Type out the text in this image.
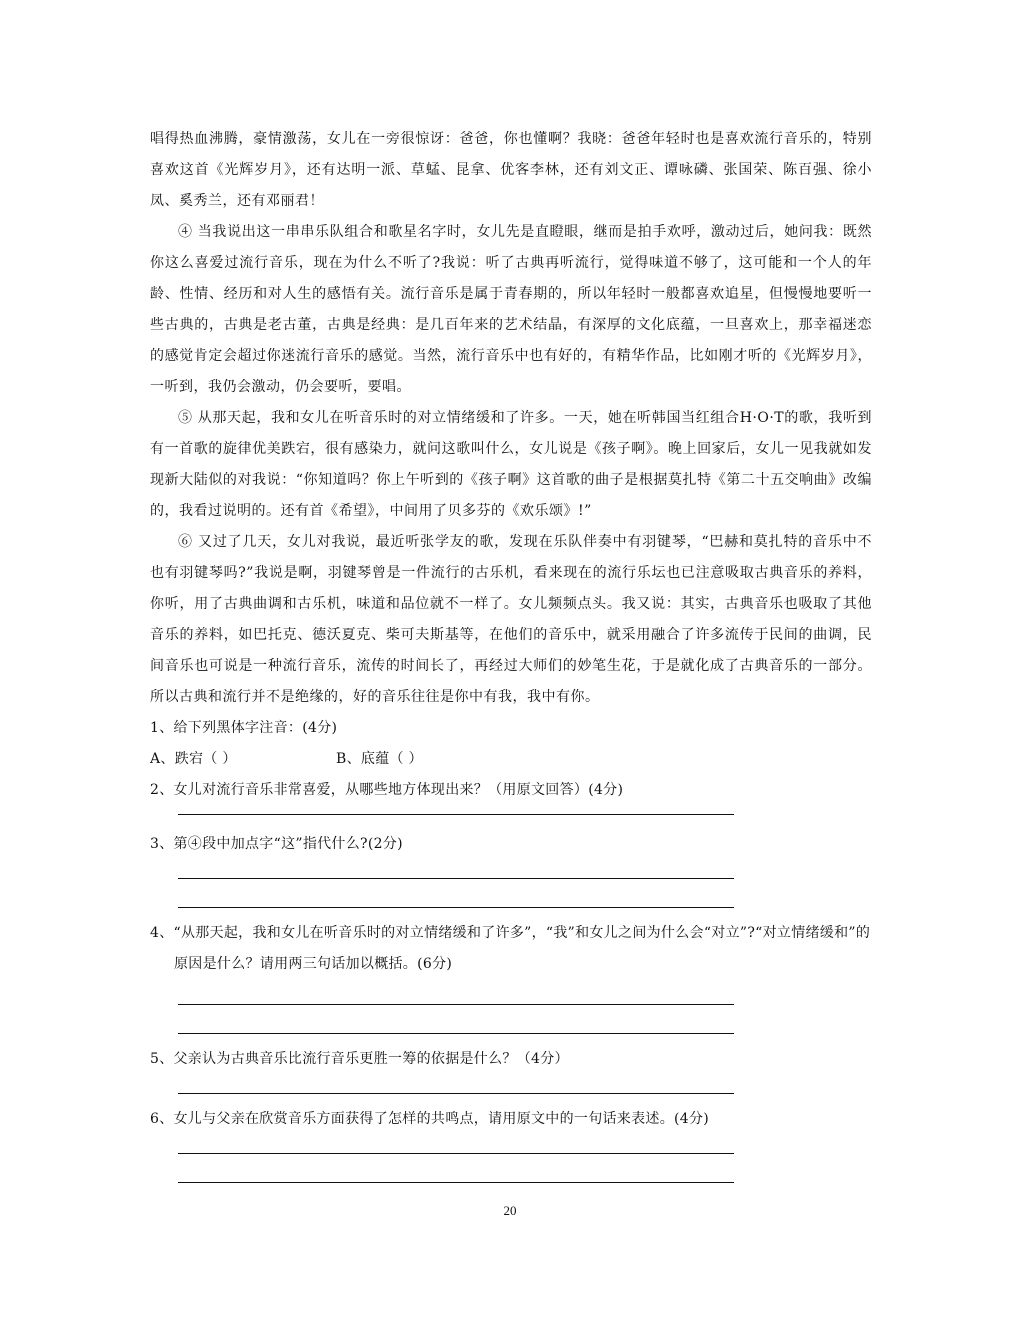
唱得热血沸腾，豪情激荡，女儿在一旁很惊讶：爸爸，你也懂啊？我晓：爸爸年轻时也是喜欢流行音乐的，特别喜欢这首《光辉岁月》，还有达明一派、草蜢、昆拿、优客李林，还有刘文正、谭咏磷、张国荣、陈百强、徐小凤、奚秀兰，还有邓丽君！

④ 当我说出这一串串乐队组合和歌星名字时，女儿先是直瞪眼，继而是拍手欢呼，激动过后，她问我：既然你这么喜爱过流行音乐，现在为什么不听了?我说：听了古典再听流行，觉得味道不够了，这可能和一个人的年龄、性情、经历和对人生的感悟有关。流行音乐是属于青春期的，所以年轻时一般都喜欢追星，但慢慢地要听一些古典的，古典是老古董，古典是经典：是几百年来的艺术结晶，有深厚的文化底蕴，一旦喜欢上，那幸福迷恋的感觉肯定会超过你迷流行音乐的感觉。当然，流行音乐中也有好的，有精华作品，比如刚才听的《光辉岁月》，一听到，我仍会激动，仍会要听，要唱。

⑤ 从那天起，我和女儿在听音乐时的对立情绪缓和了许多。一天，她在听韩国当红组合H·O·T的歌，我听到有一首歌的旋律优美跌宕，很有感染力，就问这歌叫什么，女儿说是《孩子啊》。晚上回家后，女儿一见我就如发现新大陆似的对我说：“你知道吗？你上午听到的《孩子啊》这首歌的曲子是根据莫扎特《第二十五交响曲》改编的，我看过说明的。还有首《希望》，中间用了贝多芬的《欢乐颂》!”

⑥ 又过了几天，女儿对我说，最近听张学友的歌，发现在乐队伴奏中有羽键琴，“巴赫和莫扎特的音乐中不也有羽键琴吗?”我说是啊，羽键琴曾是一件流行的古乐机，看来现在的流行乐坛也已注意吸取古典音乐的养料，你听，用了古典曲调和古乐机，味道和品位就不一样了。女儿频频点头。我又说：其实，古典音乐也吸取了其他音乐的养料，如巴托克、德沃夏克、柴可夫斯基等，在他们的音乐中，就采用融合了许多流传于民间的曲调，民间音乐也可说是一种流行音乐，流传的时间长了，再经过大师们的妙笔生花，于是就化成了古典音乐的一部分。所以古典和流行并不是绝缘的，好的音乐往往是你中有我，我中有你。

1、给下列黑体字注音：(4分)

A、跌宕（ ）	B、底蕴（ ）

2、女儿对流行音乐非常喜爱，从哪些地方体现出来？（用原文回答）(4分)

3、第④段中加点字“这”指代什么?(2分)

4、“从那天起，我和女儿在听音乐时的对立情绪缓和了许多”，“我”和女儿之间为什么会“对立”?“对立情绪缓和”的原因是什么？请用两三句话加以概括。(6分)

5、父亲认为古典音乐比流行音乐更胜一筹的依据是什么？（4分）

6、女儿与父亲在欣赏音乐方面获得了怎样的共鸣点，请用原文中的一句话来表述。(4分)

20
